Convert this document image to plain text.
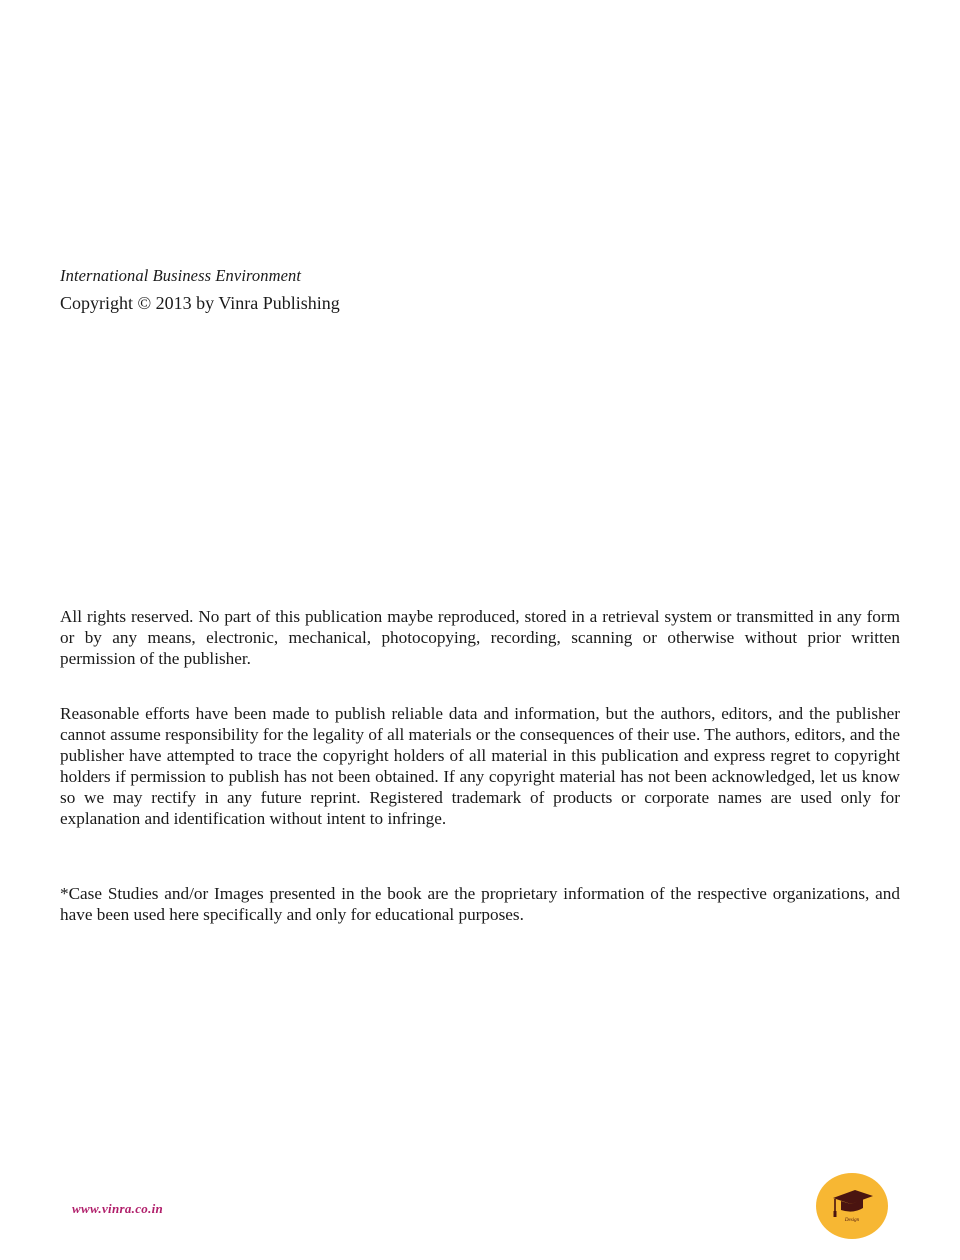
International Business Environment
Copyright © 2013 by Vinra Publishing

All rights reserved. No part of this publication maybe reproduced, stored in a retrieval system or transmitted in any form or by any means, electronic, mechanical, photocopying, recording, scanning or otherwise without prior written permission of the publisher.

Reasonable efforts have been made to publish reliable data and information, but the authors, editors, and the publisher cannot assume responsibility for the legality of all materials or the consequences of their use. The authors, editors, and the publisher have attempted to trace the copyright holders of all material in this publication and express regret to copyright holders if permission to publish has not been obtained. If any copyright material has not been acknowledged, let us know so we may rectify in any future reprint. Registered trademark of products or corporate names are used only for explanation and identification without intent to infringe.

*Case Studies and/or Images presented in the book are the proprietary information of the respective organizations, and have been used here specifically and only for educational purposes.

www.vinra.co.in
Design
